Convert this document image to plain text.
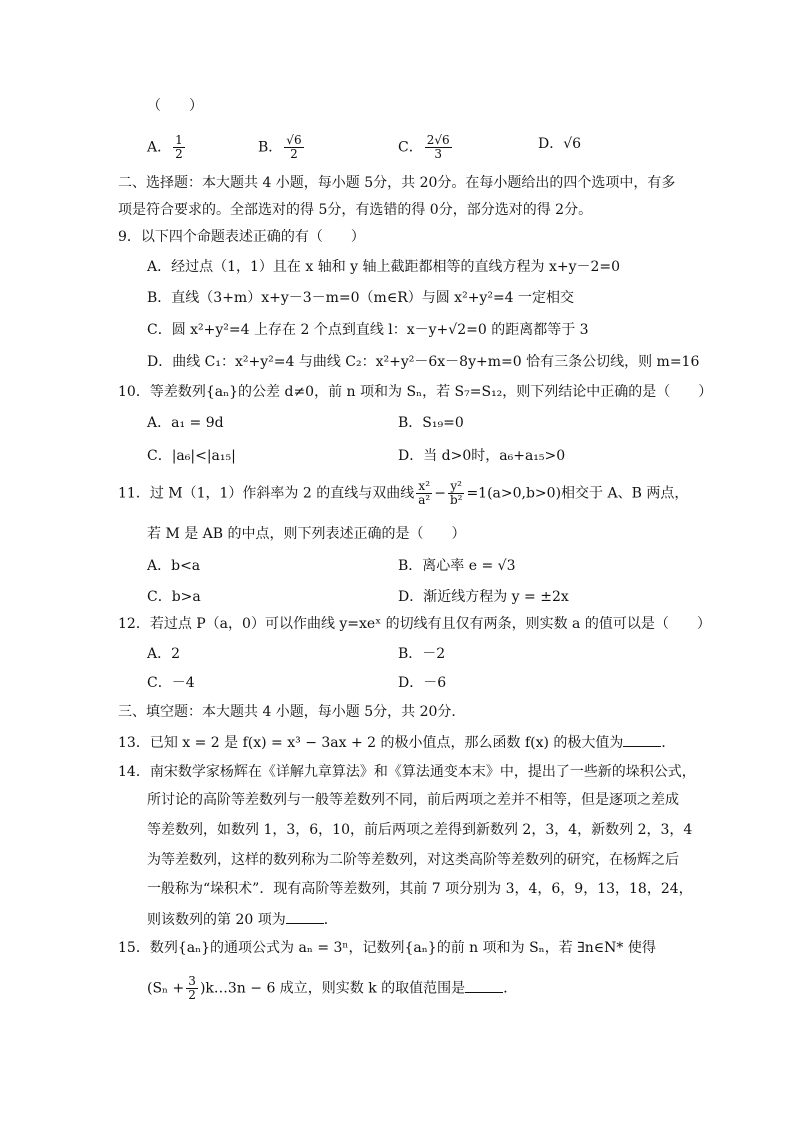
（　　）
A． $\frac{1}{2}$	B． $\frac{√6}{2}$	C． $\frac{2√6}{3}$	D．√6
二、选择题：本大题共 4 小题，每小题 5分，共 20分。在每小题给出的四个选项中，有多
项是符合要求的。全部选对的得 5分，有选错的得 0分，部分选对的得 2分。
9．以下四个命题表述正确的有（　　）
A．经过点（1，1）且在 x 轴和 y 轴上截距都相等的直线方程为 x+y－2=0
B．直线（3+m）x+y－3－m=0（m∈R）与圆 x²+y²=4 一定相交
C．圆 x²+y²=4 上存在 2 个点到直线 l：x－y+√2=0 的距离都等于 3
D．曲线 C₁：x²+y²=4 与曲线 C₂：x²+y²－6x－8y+m=0 恰有三条公切线，则 m=16
10．等差数列{aₙ}的公差 d≠0，前 n 项和为 Sₙ，若 S₇=S₁₂，则下列结论中正确的是（　　）
A．a₁ = 9d	B．S₁₉=0
C．|a₆|<|a₁₅|	D．当 d>0时，a₆+a₁₅>0
11．过 M（1，1）作斜率为 2 的直线与双曲线 $\frac{\text{x²}}{\text{a²}} - \frac{\text{y²}}{\text{b²}} =1(a>0,b>0)$相交于 A、B 两点，
若 M 是 AB 的中点，则下列表述正确的是（　　）
A．b<a	B．离心率 e = √3
C．b>a	D．渐近线方程为 y = ±2x
12．若过点 P（a，0）可以作曲线 y=xeˣ 的切线有且仅有两条，则实数 a 的值可以是（　　）
A．2	B．－2
C．－4	D．－6
三、填空题：本大题共 4 小题，每小题 5分，共 20分．
13．已知 x = 2 是 f(x) = x³ − 3ax + 2 的极小值点，那么函数 f(x) 的极大值为	．
14．南宋数学家杨辉在《详解九章算法》和《算法通变本末》中，提出了一些新的垛积公式，
所讨论的高阶等差数列与一般等差数列不同，前后两项之差并不相等，但是逐项之差成
等差数列，如数列 1，3，6，10，前后两项之差得到新数列 2，3，4，新数列 2，3，4
为等差数列，这样的数列称为二阶等差数列，对这类高阶等差数列的研究，在杨辉之后
一般称为“垛积术”．现有高阶等差数列，其前 7 项分别为 3，4，6，9，13，18，24，
则该数列的第 20 项为	．
15．数列{aₙ}的通项公式为 aₙ = 3ⁿ，记数列{aₙ}的前 n 项和为 Sₙ，若 ∃n∈N* 使得
($S_n + \frac{3}{2}$ )k…3n − 6 成立，则实数 k 的取值范围是	．
